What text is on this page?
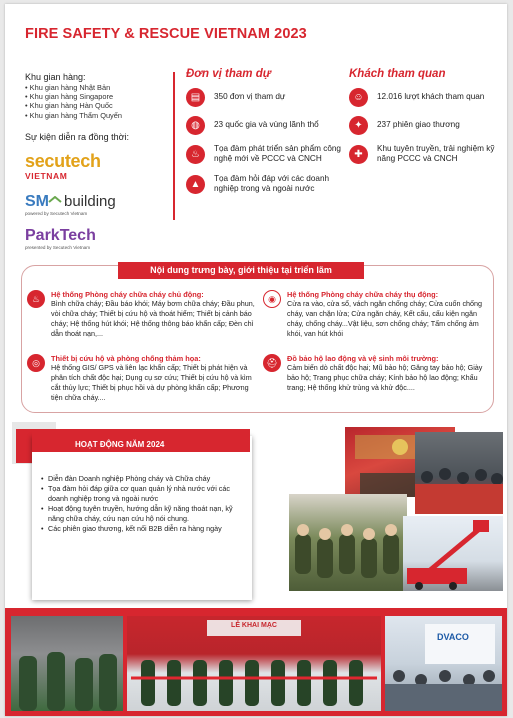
FIRE SAFETY & RESCUE VIETNAM 2023
Khu gian hàng:
• Khu gian hàng Nhật Bản
• Khu gian hàng Singapore
• Khu gian hàng Hàn Quốc
• Khu gian hàng Thẩm Quyến
Sự kiện diễn ra đồng thời:
secutech
VIETNAM
SM building
powered by Secutech Vietnam
ParkTech
presented by Secutech Vietnam
Đơn vị tham dự
▤	350 đơn vị tham dự
◍	23 quốc gia và vùng lãnh thổ
♨
Tọa đàm phát triển sản phẩm công nghệ mới về PCCC và CNCH
▲
Tọa đàm hỏi đáp với các doanh nghiệp trong và ngoài nước
Khách tham quan
☺	12.016 lượt khách tham quan
✦	237 phiên giao thương
✚
Khu tuyên truyền, trải nghiệm kỹ năng PCCC và CNCH
Nội dung trưng bày, giới thiệu tại triển lãm
♨	Hệ thống Phòng cháy chữa cháy chủ động:
Bình chữa cháy; Đầu báo khói; Máy bơm chữa cháy; Đầu phun, vòi chữa cháy; Thiết bị cứu hộ và thoát hiểm; Thiết bị cảnh báo cháy; Hệ thống hút khói; Hệ thống thông báo khẩn cấp; Đèn chỉ dẫn thoát nạn,...
◉	Hệ thống Phòng cháy chữa cháy thụ động:
Cửa ra vào, cửa sổ, vách ngăn chống cháy; Cửa cuốn chống cháy, van chặn lửa; Cửa ngăn cháy, Kết cấu, cấu kiện ngăn cháy, chống cháy...Vật liệu, sơn chống cháy; Tấm chống ảm khói, van hút khói
◎	Thiết bị cứu hộ và phòng chống thảm họa:
Hệ thống GIS/ GPS và liên lạc khẩn cấp; Thiết bị phát hiện và phân tích chất độc hại; Dụng cụ sơ cứu; Thiết bị cứu hộ và kìm cắt thủy lực; Thiết bị phục hồi và dự phòng khẩn cấp; Phương tiện chữa cháy....
⛑	Đồ bảo hộ lao động và vệ sinh môi trường:
Cảm biến dò chất độc hại; Mũ bảo hộ; Găng tay bảo hộ; Giày bảo hộ; Trang phục chữa cháy; Kính bảo hộ lao động; Khẩu trang; Hệ thống khử trùng và khử độc....
HOẠT ĐỘNG NĂM 2024
• Diễn đàn Doanh nghiệp Phòng cháy và Chữa cháy
• Tọa đàm hỏi đáp giữa cơ quan quản lý nhà nước với các doanh nghiệp trong và ngoài nước
• Hoạt động tuyên truyền, hướng dẫn kỹ năng thoát nạn, kỹ năng chữa cháy, cứu nạn cứu hộ nói chung.
• Các phiên giao thương, kết nối B2B diễn ra hàng ngày
LỄ KHAI MẠC
DVACO
